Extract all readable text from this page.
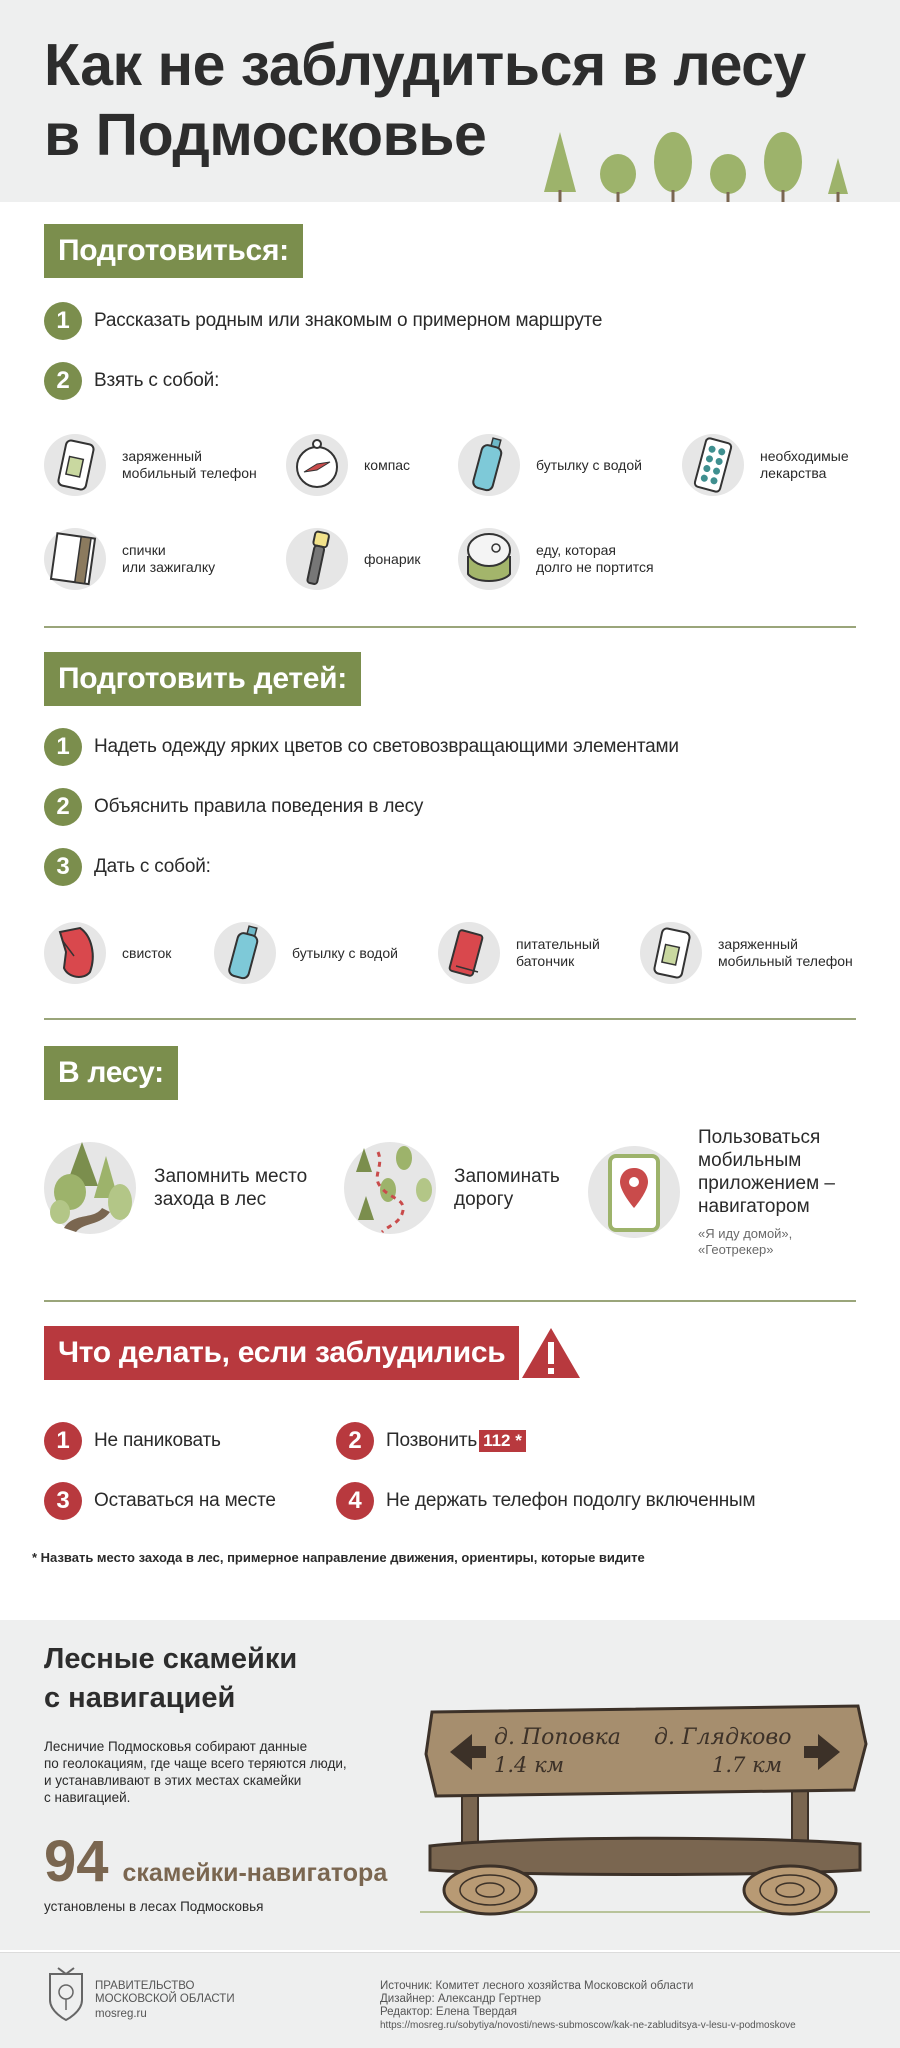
Как не заблудиться в лесу
в Подмосковье
Подготовиться:
1	Рассказать родным или знакомым о примерном маршруте
2	Взять с собой:
заряженный
мобильный телефон
компас	бутылку с водой
необходимые
лекарства
спички
или зажигалку
фонарик
еду, которая
долго не портится
Подготовить детей:
1	Надеть одежду ярких цветов со световозвращающими элементами
2	Объяснить правила поведения в лесу
3	Дать с собой:
свисток	бутылку с водой
питательный
батончик
заряженный
мобильный телефон
В лесу:
Запомнить место
захода в лес
Запоминать
дорогу
Пользоваться
мобильным
приложением –
навигатором
«Я иду домой»,
«Геотрекер»
Что делать, если заблудились
1	Не паниковать	2	Позвонить 112 *
3	Оставаться на месте	4	Не держать телефон подолгу включенным
* Назвать место захода в лес, примерное направление движения, ориентиры, которые видите
Лесные скамейки
с навигацией
Лесничие Подмосковья собирают данные
по геолокациям, где чаще всего теряются люди,
и устанавливают в этих местах скамейки
с навигацией.
94 скамейки-навигатора
установлены в лесах Подмосковья
д. Поповка
1.4 км
д. Глядково
1.7 км
ПРАВИТЕЛЬСТВО
МОСКОВСКОЙ ОБЛАСТИ
mosreg.ru
Источник: Комитет лесного хозяйства Московской области
Дизайнер: Александр Гертнер
Редактор: Елена Твердая
https://mosreg.ru/sobytiya/novosti/news-submoscow/kak-ne-zabluditsya-v-lesu-v-podmoskove
